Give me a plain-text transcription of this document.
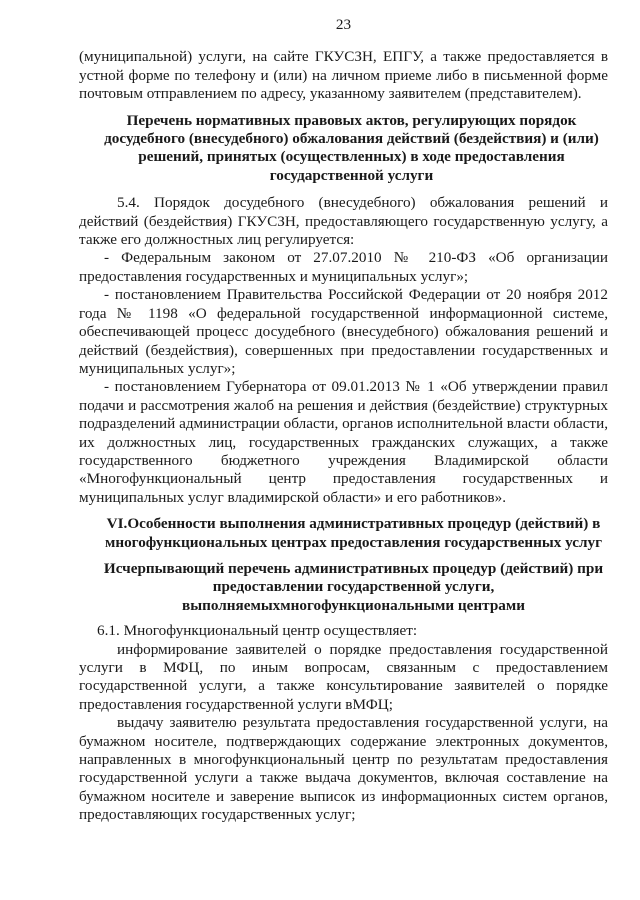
23

(муниципальной) услуги, на сайте ГКУСЗН, ЕПГУ, а также предоставляется в устной форме по телефону и (или) на личном приеме либо в письменной форме почтовым отправлением по адресу, указанному заявителем (представителем).

Перечень нормативных правовых актов, регулирующих порядок досудебного (внесудебного) обжалования действий (бездействия) и (или) решений, принятых (осуществленных) в ходе предоставления государственной услуги

5.4. Порядок досудебного (внесудебного) обжалования решений и действий (бездействия) ГКУСЗН, предоставляющего государственную услугу, а также его должностных лиц регулируется:

- Федеральным законом от 27.07.2010 № 210-ФЗ «Об организации предоставления государственных и муниципальных услуг»;

- постановлением Правительства Российской Федерации от 20 ноября 2012 года № 1198 «О федеральной государственной информационной системе, обеспечивающей процесс досудебного (внесудебного) обжалования решений и действий (бездействия), совершенных при предоставлении государственных и муниципальных услуг»;

- постановлением Губернатора от 09.01.2013 № 1 «Об утверждении правил подачи и рассмотрения жалоб на решения и действия (бездействие) структурных подразделений администрации области, органов исполнительной власти области, их должностных лиц, государственных гражданских служащих, а также государственного бюджетного учреждения Владимирской области «Многофункциональный центр предоставления государственных и муниципальных услуг владимирской области» и его работников».

VI.Особенности выполнения административных процедур (действий) в многофункциональных центрах предоставления государственных услуг

Исчерпывающий перечень административных процедур (действий) при предоставлении государственной услуги, выполняемыхмногофункциональными центрами

6.1. Многофункциональный центр осуществляет:

информирование заявителей о порядке предоставления государственной услуги в МФЦ, по иным вопросам, связанным с предоставлением государственной услуги, а также консультирование заявителей о порядке предоставления государственной услуги вМФЦ;

выдачу заявителю результата предоставления государственной услуги, на бумажном носителе, подтверждающих содержание электронных документов, направленных в многофункциональный центр по результатам предоставления государственной услуги а также выдача документов, включая составление на бумажном носителе и заверение выписок из информационных систем органов, предоставляющих государственных услуг;
